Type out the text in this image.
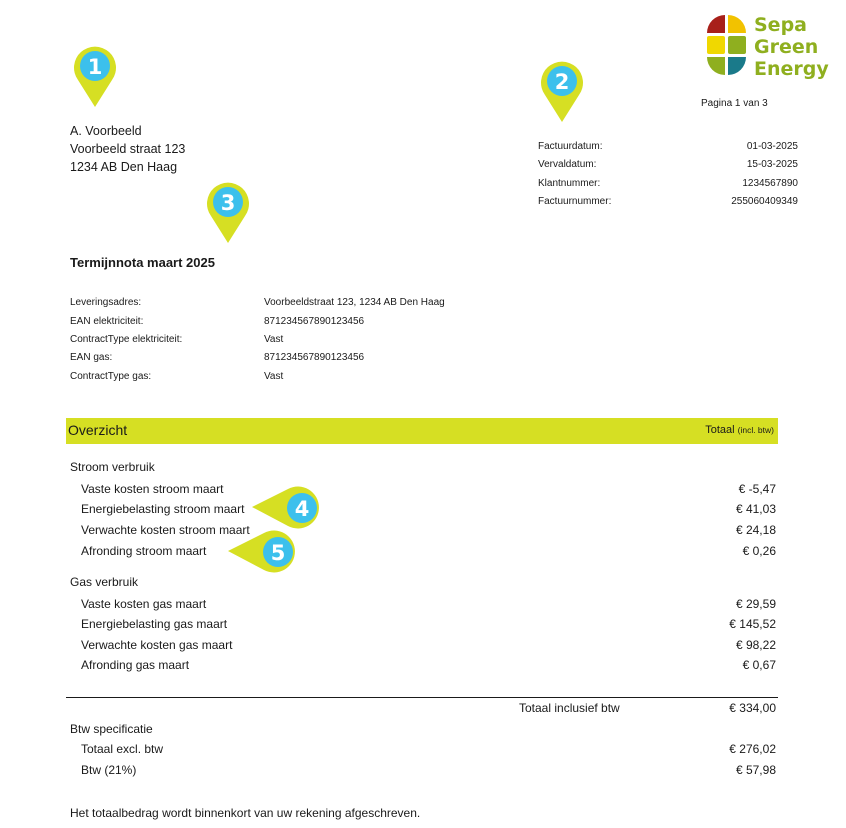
Sepa
Green
Energy
Pagina 1 van 3
1
A. Voorbeeld
Voorbeeld straat 123
1234 AB Den Haag
2
Factuurdatum:	01-03-2025
Vervaldatum:	15-03-2025
Klantnummer:	1234567890
Factuurnummer:	255060409349
3
Termijnnota maart 2025
Leveringsadres:	Voorbeeldstraat 123, 1234 AB Den Haag
EAN elektriciteit:	871234567890123456
ContractType elektriciteit:	Vast
EAN gas:	871234567890123456
ContractType gas:	Vast
Overzicht	Totaal (incl. btw)
Stroom verbruik
Vaste kosten stroom maart	€ -5,47
Energiebelasting stroom maart	€ 41,03
Verwachte kosten stroom maart	€ 24,18
Afronding stroom maart	€ 0,26
4
5
Gas verbruik
Vaste kosten gas maart	€ 29,59
Energiebelasting gas maart	€ 145,52
Verwachte kosten gas maart	€ 98,22
Afronding gas maart	€ 0,67
Totaal inclusief btw	€ 334,00
Btw specificatie
Totaal excl. btw	€ 276,02
Btw (21%)	€ 57,98
Het totaalbedrag wordt binnenkort van uw rekening afgeschreven.
